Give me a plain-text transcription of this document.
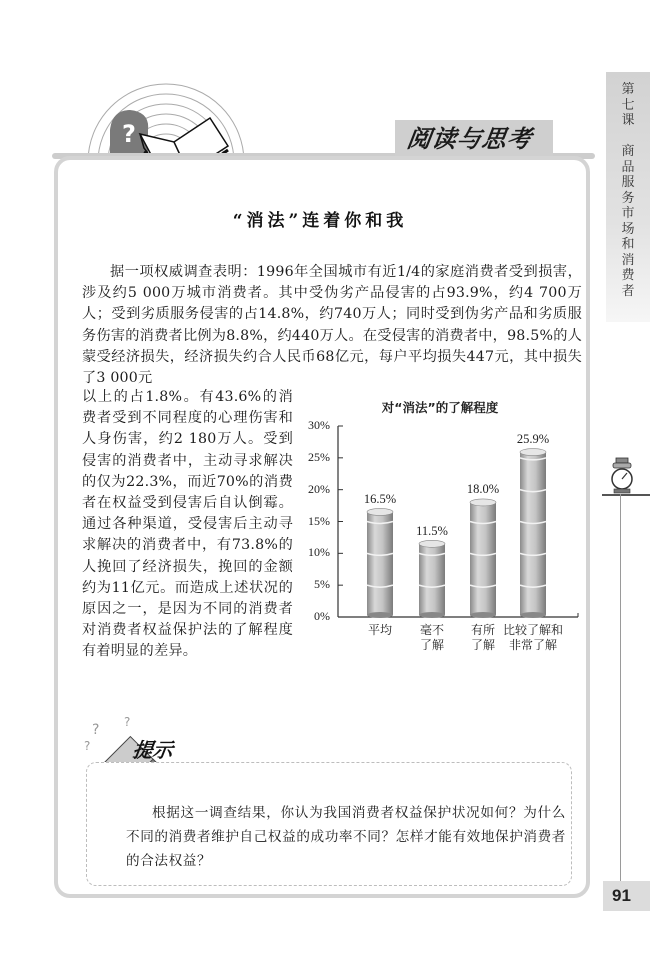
第七课
商品服务市场和消费者
91
?	阅读与思考
“消法”连着你和我
据一项权威调查表明：1996年全国城市有近1/4的家庭消费者受到损害，涉及约5 000万城市消费者。其中受伪劣产品侵害的占93.9%，约4 700万人；受到劣质服务侵害的占14.8%，约740万人；同时受到伪劣产品和劣质服务伤害的消费者比例为8.8%，约440万人。在受侵害的消费者中，98.5%的人蒙受经济损失，经济损失约合人民币68亿元，每户平均损失447元，其中损失了3 000元
以上的占1.8%。有43.6%的消费者受到不同程度的心理伤害和人身伤害，约2 180万人。受到侵害的消费者中，主动寻求解决的仅为22.3%，而近70%的消费者在权益受到侵害后自认倒霉。通过各种渠道，受侵害后主动寻求解决的消费者中，有73.8%的人挽回了经济损失，挽回的金额约为11亿元。而造成上述状况的原因之一，是因为不同的消费者对消费者权益保护法的了解程度有着明显的差异。
对“消法”的了解程度
0%
5%
10%
15%
20%
25%
30%
16.5%
平均
11.5%
毫不
了解
18.0%
有所
了解
25.9%
比较了解和
非常了解
?
?
?
提示
根据这一调查结果，你认为我国消费者权益保护状况如何？为什么不同的消费者维护自己权益的成功率不同？怎样才能有效地保护消费者的合法权益？
